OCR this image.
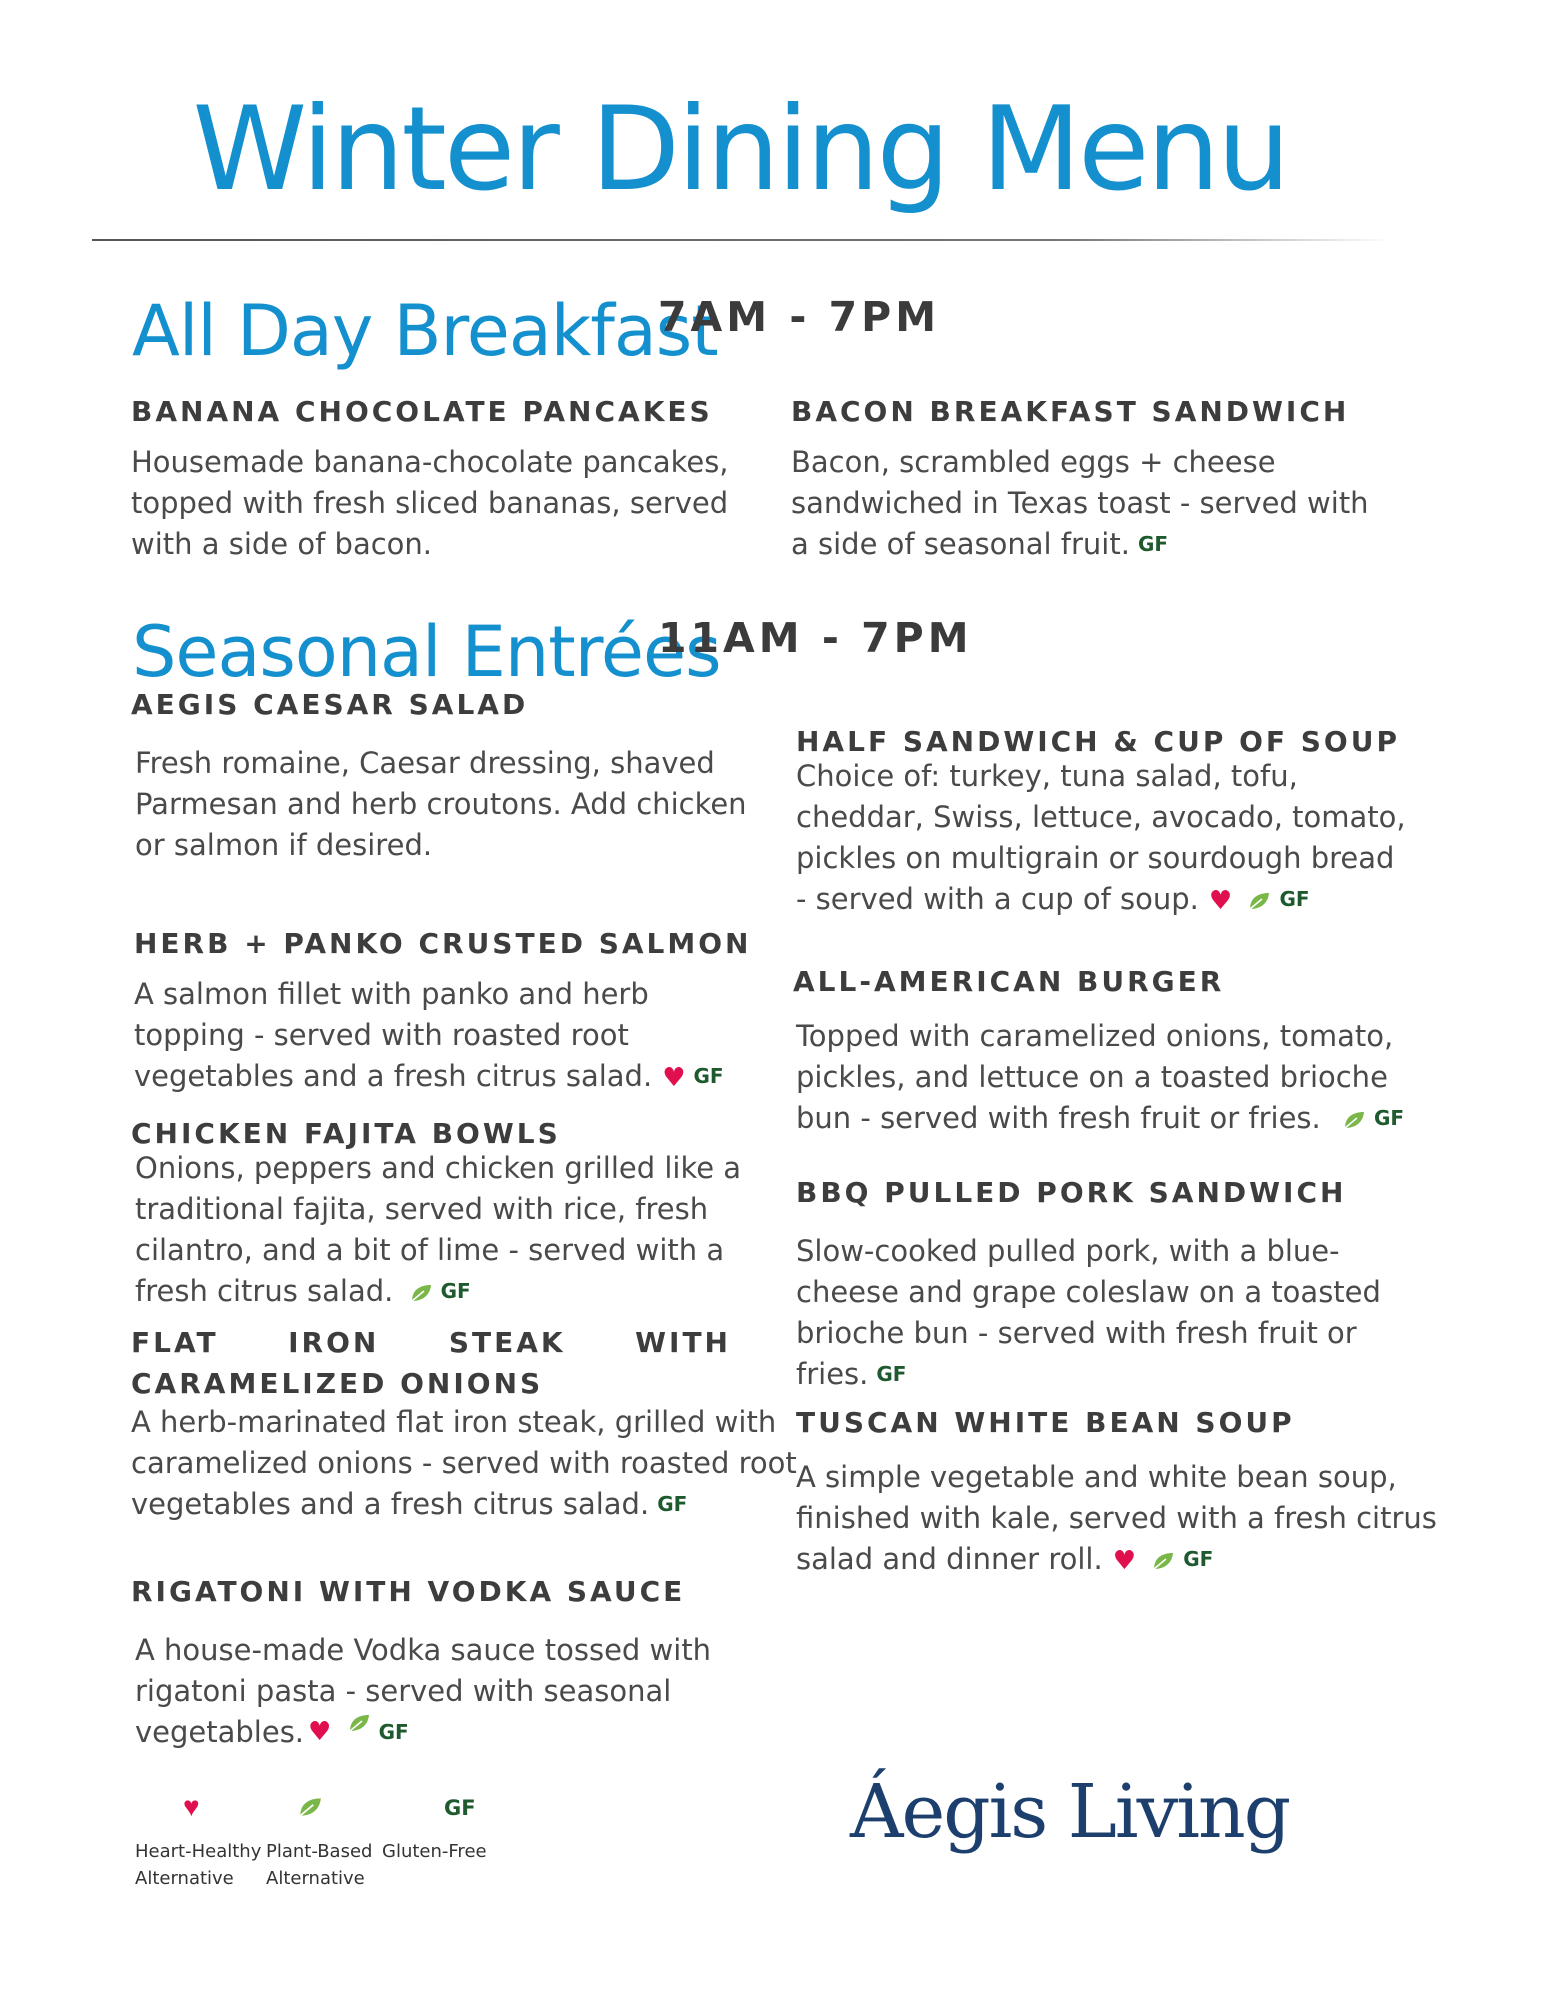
Winter Dining Menu
All Day Breakfast
7AM - 7PM
BANANA CHOCOLATE PANCAKES
Housemade banana-chocolate pancakes,
topped with fresh sliced bananas, served
with a side of bacon.
BACON BREAKFAST SANDWICH
Bacon, scrambled eggs + cheese
sandwiched in Texas toast - served with
a side of seasonal fruit. $^{GF}$
Seasonal Entrées
11AM - 7PM
AEGIS CAESAR SALAD
Fresh romaine, Caesar dressing, shaved
Parmesan and herb croutons. Add chicken
or salmon if desired.
HERB + PANKO CRUSTED SALMON
A salmon fillet with panko and herb
topping - served with roasted root
vegetables and a fresh citrus salad. ♥ $^{GF}$
CHICKEN FAJITA BOWLS
Onions, peppers and chicken grilled like a
traditional fajita, served with rice, fresh
cilantro, and a bit of lime - served with a
fresh citrus salad. $^{GF}$
FLAT IRON STEAK WITH
CARAMELIZED ONIONS
A herb-marinated flat iron steak, grilled with
caramelized onions - served with roasted root
vegetables and a fresh citrus salad. $^{GF}$
RIGATONI WITH VODKA SAUCE
A house-made Vodka sauce tossed with
rigatoni pasta - served with seasonal
vegetables. ♥ $^{GF}$
HALF SANDWICH & CUP OF SOUP
Choice of: turkey, tuna salad, tofu,
cheddar, Swiss, lettuce, avocado, tomato,
pickles on multigrain or sourdough bread
- served with a cup of soup. ♥ $^{GF}$
ALL-AMERICAN BURGER
Topped with caramelized onions, tomato,
pickles, and lettuce on a toasted brioche
bun - served with fresh fruit or fries.	$^{GF}$
BBQ PULLED PORK SANDWICH
Slow-cooked pulled pork, with a blue-
cheese and grape coleslaw on a toasted
brioche bun - served with fresh fruit or
fries. $^{GF}$
TUSCAN WHITE BEAN SOUP
A simple vegetable and white bean soup,
finished with kale, served with a fresh citrus
salad and dinner roll. ♥ $^{GF}$
♥	GF
Heart-Healthy
Alternative
Plant-Based
Alternative
Gluten-Free	Áegis Living
